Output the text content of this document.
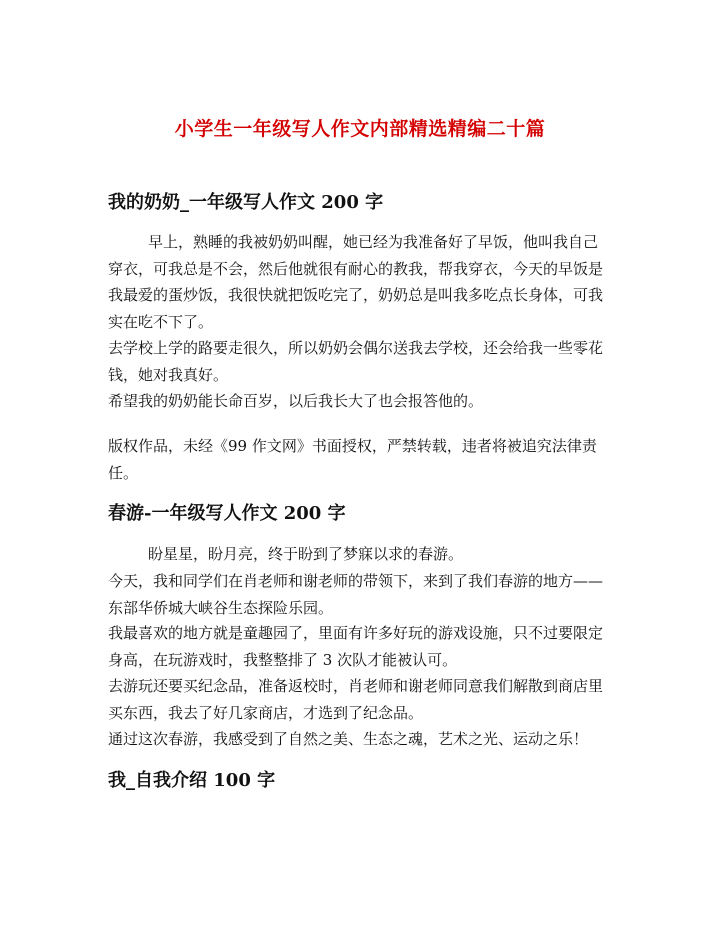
小学生一年级写人作文内部精选精编二十篇
我的奶奶_一年级写人作文 200 字

早上，熟睡的我被奶奶叫醒，她已经为我准备好了早饭，他叫我自己穿衣，可我总是不会，然后他就很有耐心的教我，帮我穿衣，今天的早饭是我最爱的蛋炒饭，我很快就把饭吃完了，奶奶总是叫我多吃点长身体，可我实在吃不下了。

去学校上学的路要走很久，所以奶奶会偶尔送我去学校，还会给我一些零花钱，她对我真好。

希望我的奶奶能长命百岁，以后我长大了也会报答他的。

版权作品，未经《99 作文网》书面授权，严禁转载，违者将被追究法律责任。

春游-一年级写人作文 200 字

盼星星，盼月亮，终于盼到了梦寐以求的春游。

今天，我和同学们在肖老师和谢老师的带领下，来到了我们春游的地方——东部华侨城大峡谷生态探险乐园。

我最喜欢的地方就是童趣园了，里面有许多好玩的游戏设施，只不过要限定身高，在玩游戏时，我整整排了 3 次队才能被认可。

去游玩还要买纪念品，准备返校时，肖老师和谢老师同意我们解散到商店里买东西，我去了好几家商店，才选到了纪念品。

通过这次春游，我感受到了自然之美、生态之魂，艺术之光、运动之乐！

我_自我介绍 100 字
